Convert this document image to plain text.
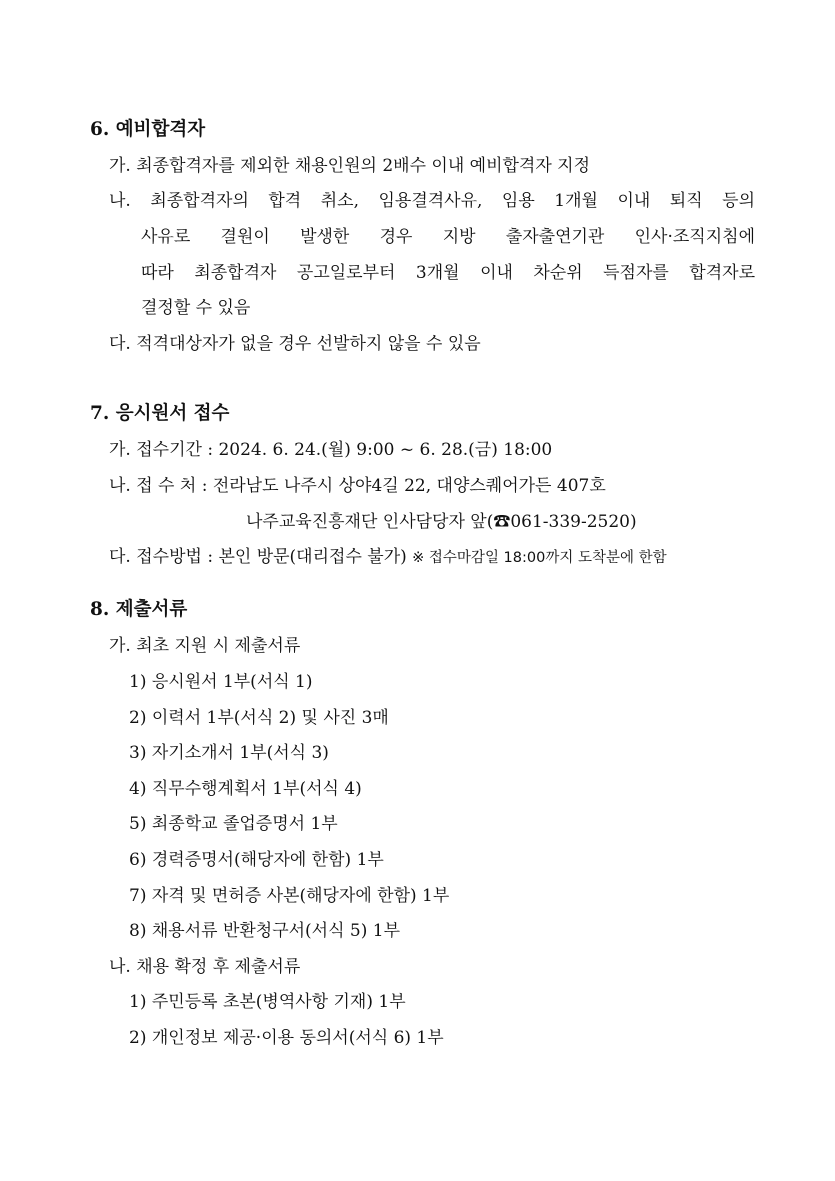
6. 예비합격자
가. 최종합격자를 제외한 채용인원의 2배수 이내 예비합격자 지정
나. 최종합격자의 합격 취소, 임용결격사유, 임용 1개월 이내 퇴직 등의
사유로 결원이 발생한 경우 지방 출자출연기관 인사·조직지침에
따라 최종합격자 공고일로부터 3개월 이내 차순위 득점자를 합격자로
결정할 수 있음
다. 적격대상자가 없을 경우 선발하지 않을 수 있음
7. 응시원서 접수
가. 접수기간 : 2024. 6. 24.(월) 9:00 ~ 6. 28.(금) 18:00
나. 접 수 처 : 전라남도 나주시 상야4길 22, 대양스퀘어가든 407호
나주교육진흥재단 인사담당자 앞(☎061-339-2520)
다. 접수방법 : 본인 방문(대리접수 불가) ※ 접수마감일 18:00까지 도착분에 한함
8. 제출서류
가. 최초 지원 시 제출서류
1) 응시원서 1부(서식 1)
2) 이력서 1부(서식 2) 및 사진 3매
3) 자기소개서 1부(서식 3)
4) 직무수행계획서 1부(서식 4)
5) 최종학교 졸업증명서 1부
6) 경력증명서(해당자에 한함) 1부
7) 자격 및 면허증 사본(해당자에 한함) 1부
8) 채용서류 반환청구서(서식 5) 1부
나. 채용 확정 후 제출서류
1) 주민등록 초본(병역사항 기재) 1부
2) 개인정보 제공·이용 동의서(서식 6) 1부
